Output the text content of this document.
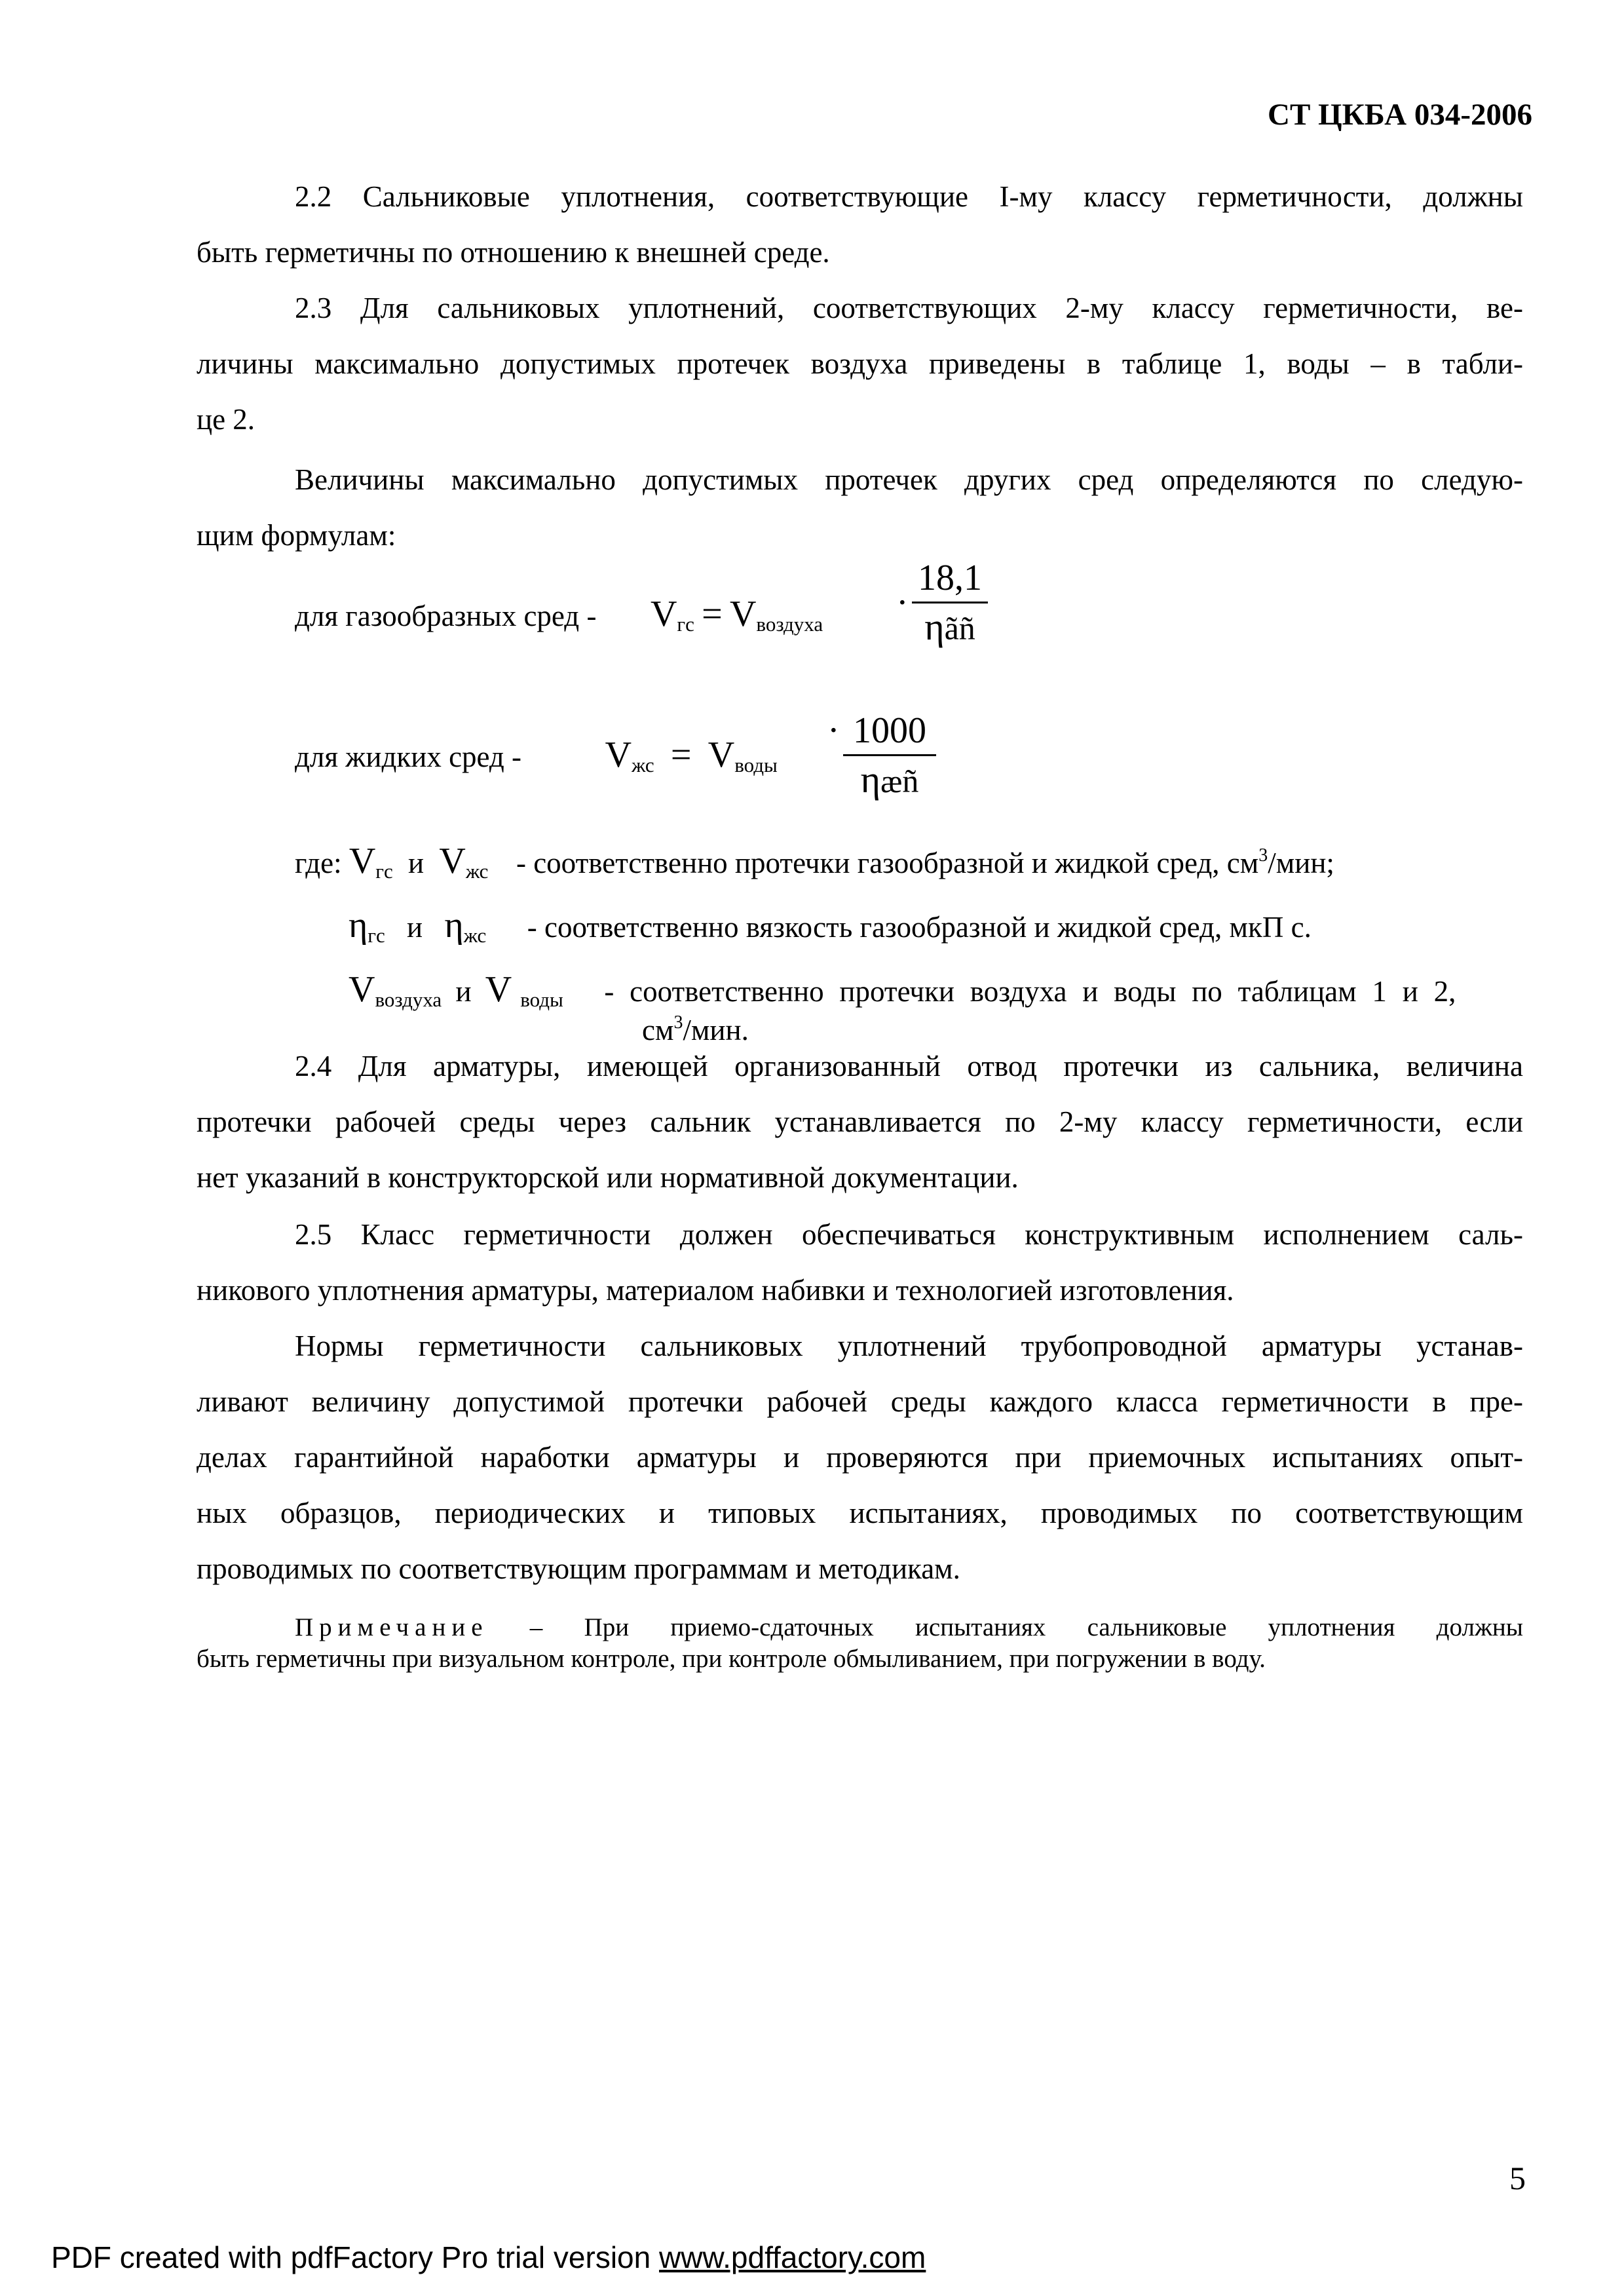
СТ ЦКБА 034-2006
2.2 Сальниковые уплотнения, соответствующие I-му классу герметичности, должны
быть герметичны по отношению к внешней среде.
2.3 Для сальниковых уплотнений, соответствующих 2-му классу герметичности, ве-
личины максимально допустимых протечек воздуха приведены в таблице 1, воды – в табли-
це 2.
Величины максимально допустимых протечек других сред определяются по следую-
щим формулам:
для газообразных сред - $V_{гс} = V_{воздуха}$
·
18,1
ηãñ
для жидких сред - $V_{жс} = V_{воды}$
· 1000
ηæñ
где: $V_{гс}$ и $V_{жс}$ - соответственно протечки газообразной и жидкой сред, $см^3$/мин;
$\eta_{гс}$ и $\eta_{жс}$ - соответственно вязкость газообразной и жидкой сред, мкП с.
$V_{воздуха}$ и V $_{воды}$ - соответственно протечки воздуха и воды по таблицам 1 и 2,
$см^3$/мин.
2.4 Для арматуры, имеющей организованный отвод протечки из сальника, величина
протечки рабочей среды через сальник устанавливается по 2-му классу герметичности, если
нет указаний в конструкторской или нормативной документации.
2.5 Класс герметичности должен обеспечиваться конструктивным исполнением саль-
никового уплотнения арматуры, материалом набивки и технологией изготовления.
Нормы герметичности сальниковых уплотнений трубопроводной арматуры устанав-
ливают величину допустимой протечки рабочей среды каждого класса герметичности в пре-
делах гарантийной наработки арматуры и проверяются при приемочных испытаниях опыт-
ных образцов, периодических и типовых испытаниях, проводимых по соответствующим
проводимых по соответствующим программам и методикам.
Примечание – При приемо-сдаточных испытаниях сальниковые уплотнения должны
быть герметичны при визуальном контроле, при контроле обмыливанием, при погружении в воду.
5
PDF created with pdfFactory Pro trial version www.pdffactory.com
